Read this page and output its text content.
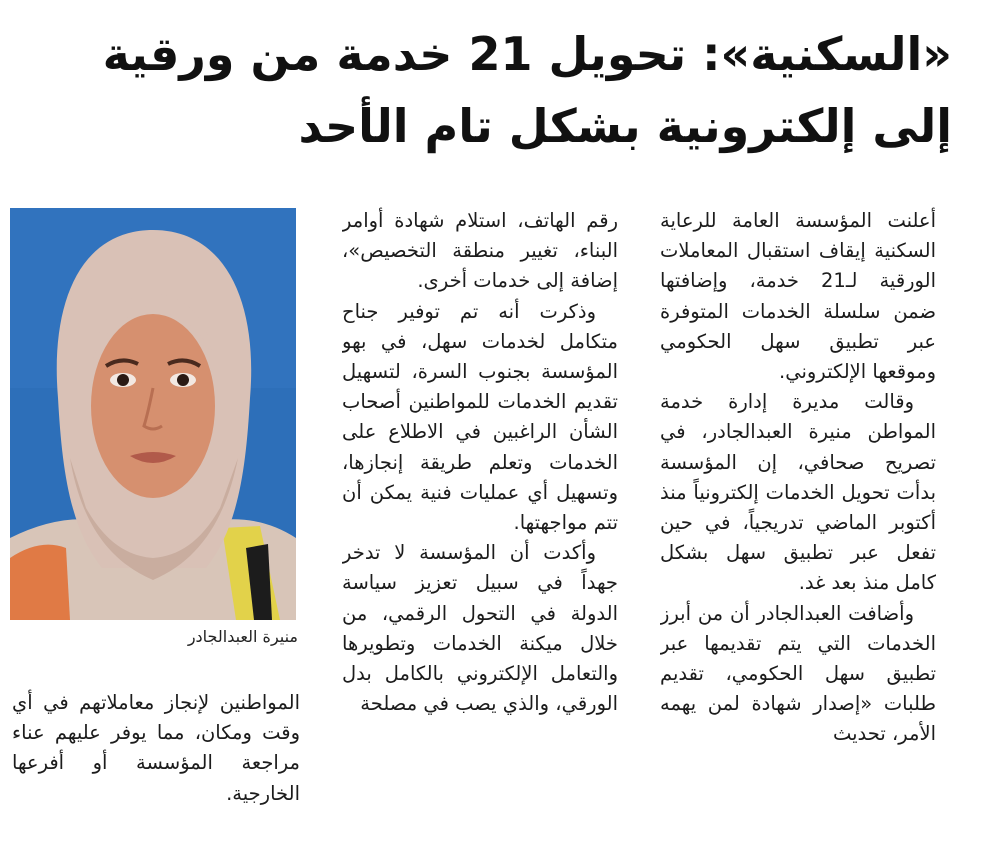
«السكنية»: تحويل 21 خدمة من ورقية
إلى إلكترونية بشكل تام الأحد

أعلنت المؤسسة العامة للرعاية السكنية إيقاف استقبال المعاملات الورقية لـ21 خدمة، وإضافتها ضمن سلسلة الخدمات المتوفرة عبر تطبيق سهل الحكومي وموقعها الإلكتروني.

وقالت مديرة إدارة خدمة المواطن منيرة العبدالجادر، في تصريح صحافي، إن المؤسسة بدأت تحويل الخدمات إلكترونياً منذ أكتوبر الماضي تدريجياً، في حين تفعل عبر تطبيق سهل بشكل كامل منذ بعد غد.

وأضافت العبدالجادر أن من أبرز الخدمات التي يتم تقديمها عبر تطبيق سهل الحكومي، تقديم طلبات «إصدار شهادة لمن يهمه الأمر، تحديث

رقم الهاتف، استلام شهادة أوامر البناء، تغيير منطقة التخصيص»، إضافة إلى خدمات أخرى.

وذكرت أنه تم توفير جناح متكامل لخدمات سهل، في بهو المؤسسة بجنوب السرة، لتسهيل تقديم الخدمات للمواطنين أصحاب الشأن الراغبين في الاطلاع على الخدمات وتعلم طريقة إنجازها، وتسهيل أي عمليات فنية يمكن أن تتم مواجهتها.

وأكدت أن المؤسسة لا تدخر جهداً في سبيل تعزيز سياسة الدولة في التحول الرقمي، من خلال ميكنة الخدمات وتطويرها والتعامل الإلكتروني بالكامل بدل الورقي، والذي يصب في مصلحة

منيرة العبدالجادر

المواطنين لإنجاز معاملاتهم في أي وقت ومكان، مما يوفر عليهم عناء مراجعة المؤسسة أو أفرعها الخارجية.
